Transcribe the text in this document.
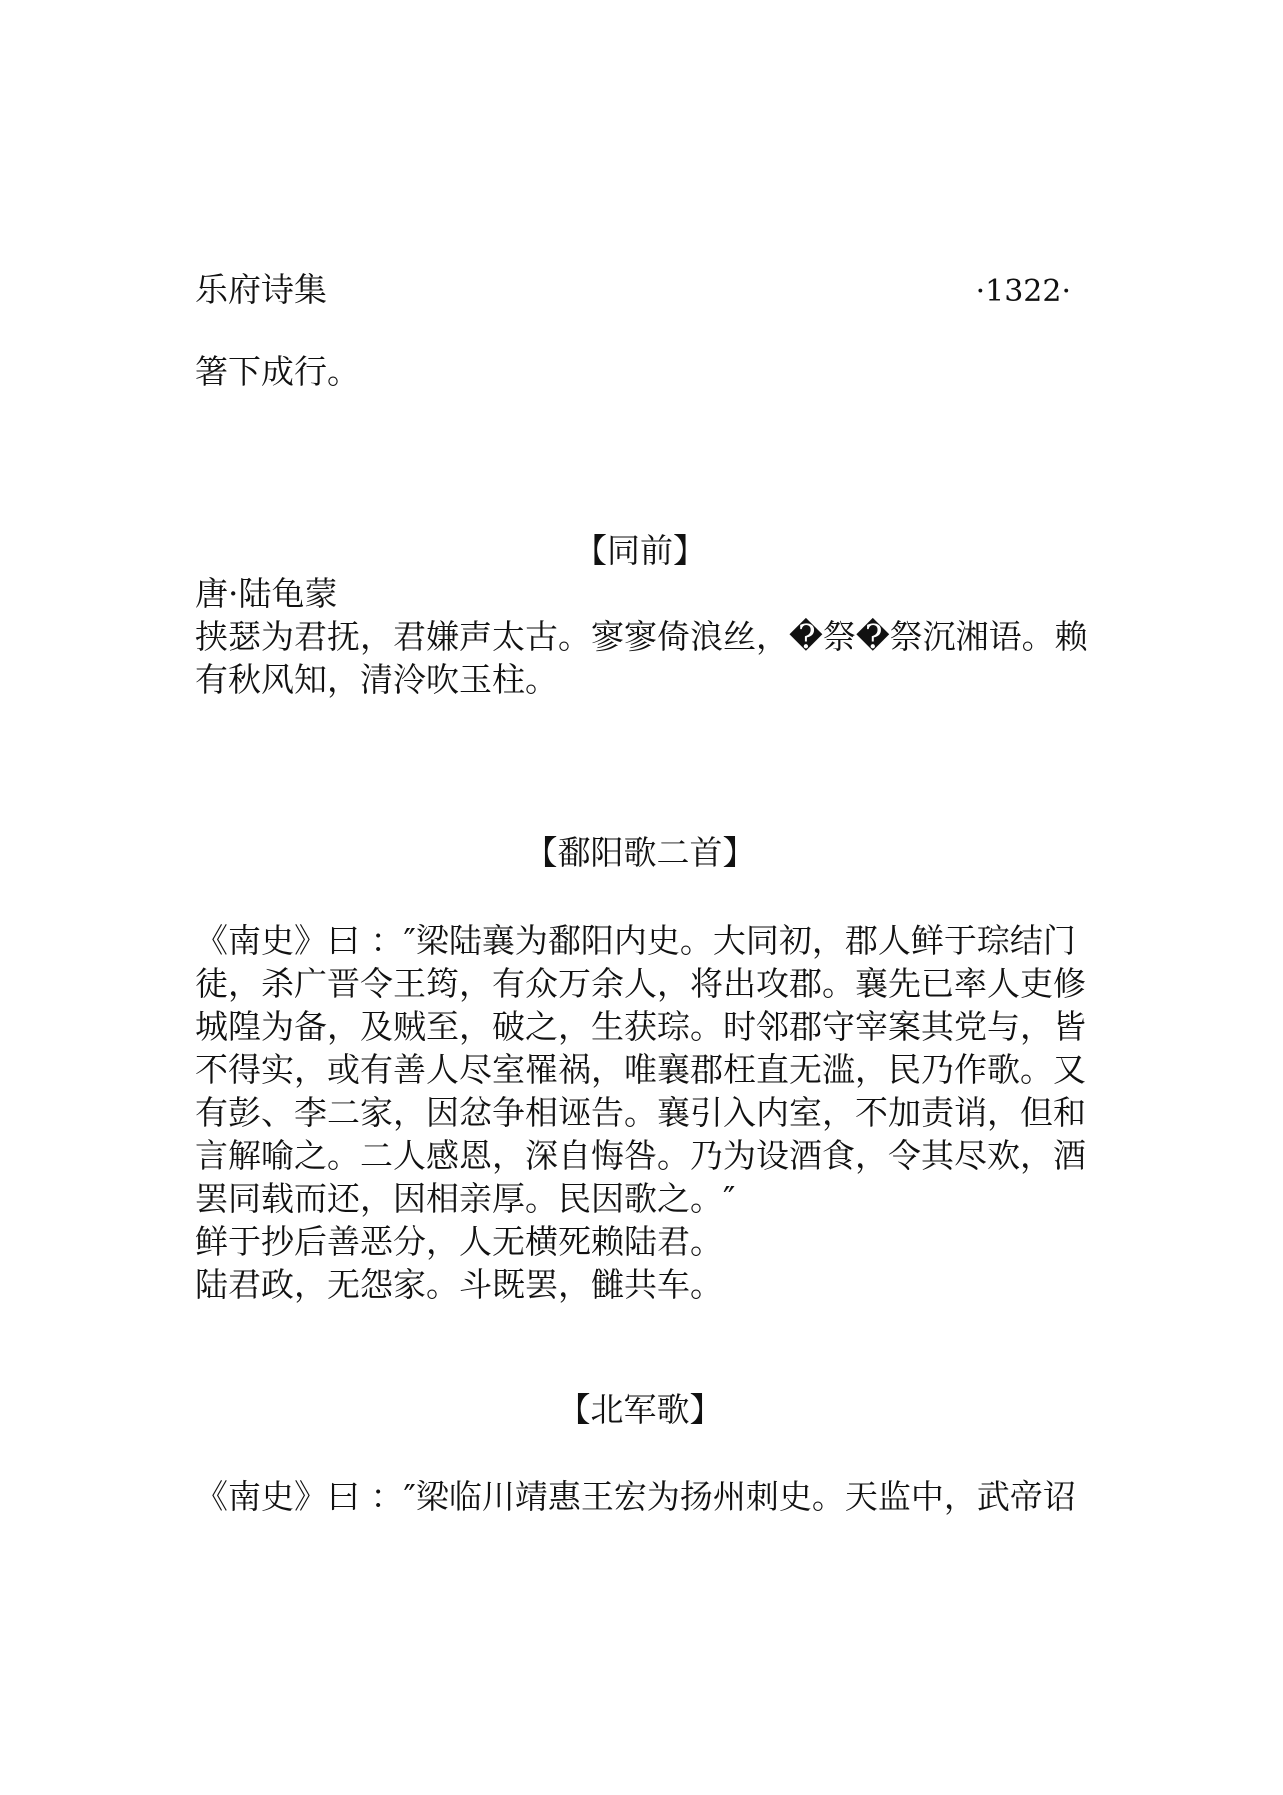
乐府诗集	·1322·
箸下成行。
【同前】
唐·陆龟蒙
挟瑟为君抚，君嫌声太古。寥寥倚浪丝，�祭�祭沉湘语。赖
有秋风知，清泠吹玉柱。
【鄱阳歌二首】
《南史》曰 ：″梁陆襄为鄱阳内史。大同初，郡人鲜于琮结门
徒，杀广晋令王筠，有众万余人，将出攻郡。襄先已率人吏修
城隍为备，及贼至，破之，生获琮。时邻郡守宰案其党与，皆
不得实，或有善人尽室罹祸，唯襄郡枉直无滥，民乃作歌。又
有彭、李二家，因忿争相诬告。襄引入内室，不加责诮，但和
言解喻之。二人感恩，深自悔咎。乃为设酒食，令其尽欢，酒
罢同载而还，因相亲厚。民因歌之。″
鲜于抄后善恶分，人无横死赖陆君。
陆君政，无怨家。斗既罢，雠共车。
【北军歌】
《南史》曰 ：″梁临川靖惠王宏为扬州刺史。天监中，武帝诏
